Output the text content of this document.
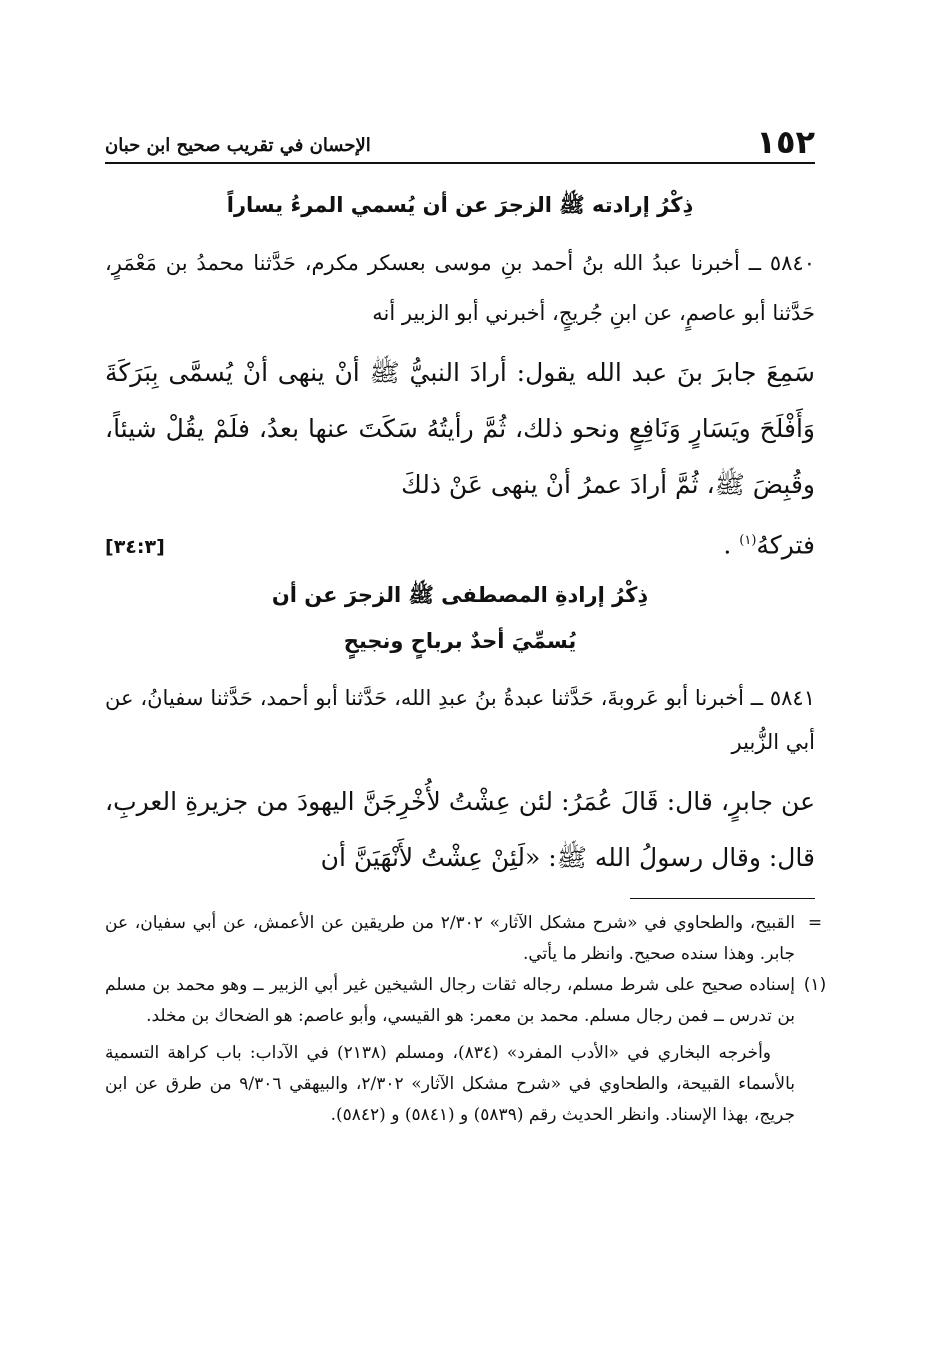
١٥٢
الإحسان في تقريب صحيح ابن حبان
ذِكْرُ إرادته ﷺ الزجرَ عن أن يُسمي المرءُ يساراً
٥٨٤٠ ــ أخبرنا عبدُ الله بنُ أحمد بنِ موسى بعسكر مكرم، حَدَّثنا محمدُ بن مَعْمَرٍ، حَدَّثنا أبو عاصمٍ، عن ابنِ جُريجٍ، أخبرني أبو الزبير أنه
سَمِعَ جابرَ بنَ عبد الله يقول: أرادَ النبيُّ ﷺ أنْ ينهى أنْ يُسمَّى بِبَرَكَةَ وَأَفْلَحَ ويَسَارٍ وَنَافِعٍ ونحو ذلك، ثُمَّ رأيتُهُ سَكَتَ عنها بعدُ، فلَمْ يقُلْ شيئاً، وقُبِضَ ﷺ، ثُمَّ أرادَ عمرُ أنْ ينهى عَنْ ذلكَ
فتركهُ$^{(١)}$ .
[٣٤:٣]
ذِكْرُ إرادةِ المصطفى ﷺ الزجرَ عن أن
يُسمِّيَ أحدٌ برباحٍ ونجيحٍ
٥٨٤١ ــ أخبرنا أبو عَروبةَ، حَدَّثنا عبدةُ بنُ عبدِ الله، حَدَّثنا أبو أحمد، حَدَّثنا سفيانُ، عن أبي الزُّبير
عن جابرٍ، قال: قَالَ عُمَرُ: لئن عِشْتُ لأُخْرِجَنَّ اليهودَ من جزيرةِ العربِ، قال: وقال رسولُ الله ﷺ: «لَئِنْ عِشْتُ لأَنْهَيَنَّ أن
=
القبيح، والطحاوي في «شرح مشكل الآثار» ٢/٣٠٢ من طريقين عن الأعمش، عن أبي سفيان، عن جابر. وهذا سنده صحيح. وانظر ما يأتي.
(١)

إسناده صحيح على شرط مسلم، رجاله ثقات رجال الشيخين غير أبي الزبير ــ وهو محمد بن مسلم بن تدرس ــ فمن رجال مسلم. محمد بن معمر: هو القيسي، وأبو عاصم: هو الضحاك بن مخلد.

وأخرجه البخاري في «الأدب المفرد» (٨٣٤)، ومسلم (٢١٣٨) في الآداب: باب كراهة التسمية بالأسماء القبيحة، والطحاوي في «شرح مشكل الآثار» ٢/٣٠٢، والبيهقي ٩/٣٠٦ من طرق عن ابن جريج، بهذا الإسناد. وانظر الحديث رقم (٥٨٣٩) و (٥٨٤١) و (٥٨٤٢).
